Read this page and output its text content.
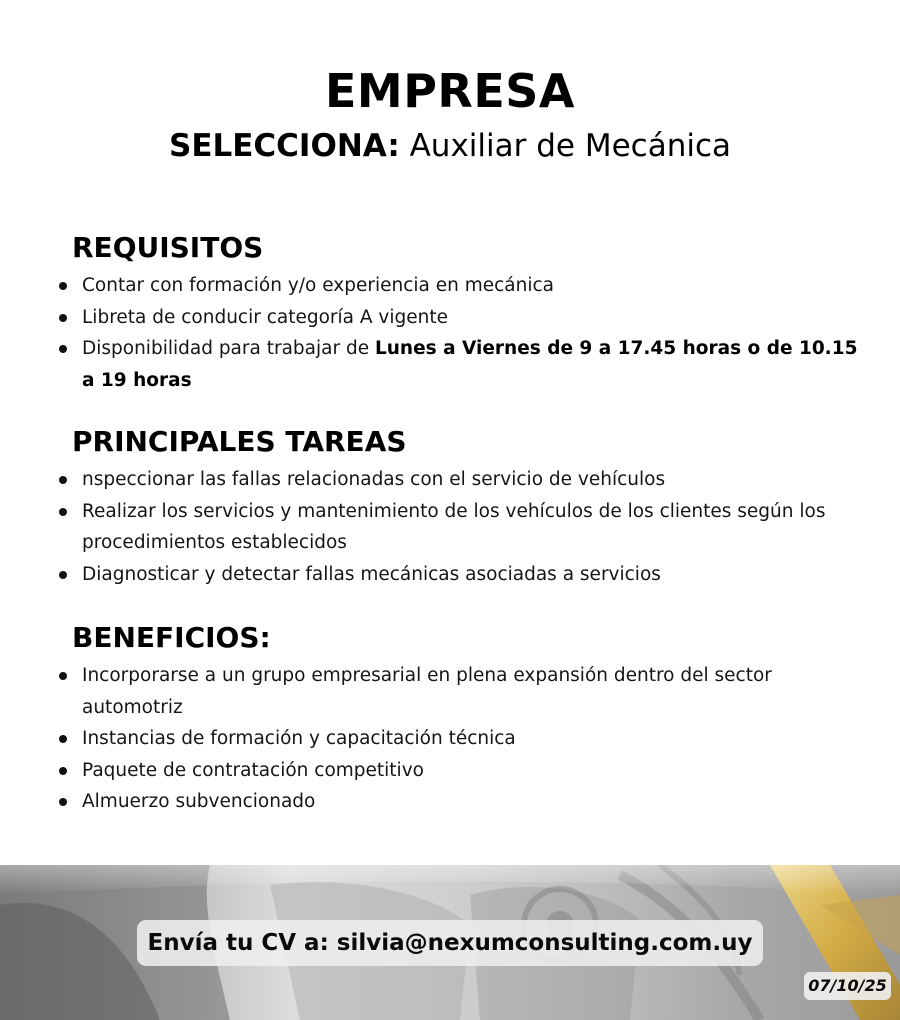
EMPRESA
SELECCIONA: Auxiliar de Mecánica
REQUISITOS
Contar con formación y/o experiencia en mecánica
Libreta de conducir categoría A vigente
Disponibilidad para trabajar de Lunes a Viernes de 9 a 17.45 horas o de 10.15 a 19 horas
PRINCIPALES TAREAS
nspeccionar las fallas relacionadas con el servicio de vehículos
Realizar los servicios y mantenimiento de los vehículos de los clientes según los procedimientos establecidos
Diagnosticar y detectar fallas mecánicas asociadas a servicios
BENEFICIOS:
Incorporarse a un grupo empresarial en plena expansión dentro del sector automotriz
Instancias de formación y capacitación técnica
Paquete de contratación competitivo
Almuerzo subvencionado
Envía tu CV a: silvia@nexumconsulting.com.uy
07/10/25
